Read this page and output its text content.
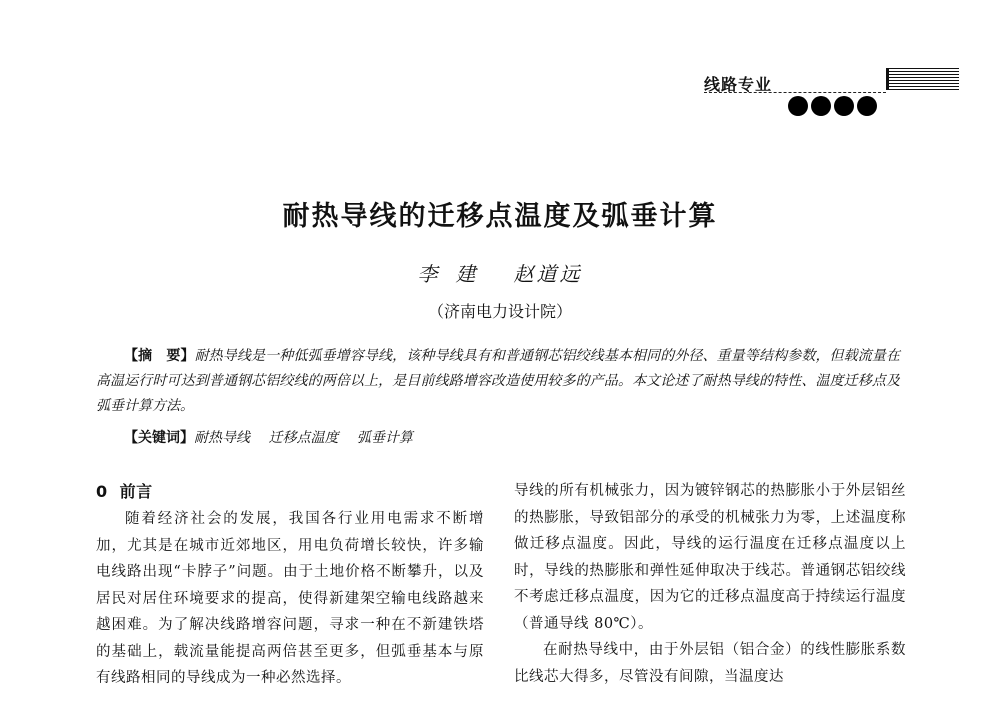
线路专业
耐热导线的迁移点温度及弧垂计算
李建 赵道远
（济南电力设计院）

【摘　要】耐热导线是一种低弧垂增容导线，该种导线具有和普通钢芯铝绞线基本相同的外径、重量等结构参数，但载流量在高温运行时可达到普通钢芯铝绞线的两倍以上，是目前线路增容改造使用较多的产品。本文论述了耐热导线的特性、温度迁移点及弧垂计算方法。

【关键词】耐热导线 迁移点温度 弧垂计算
0 前言

随着经济社会的发展，我国各行业用电需求不断增加，尤其是在城市近郊地区，用电负荷增长较快，许多输电线路出现“卡脖子”问题。由于土地价格不断攀升，以及居民对居住环境要求的提高，使得新建架空输电线路越来越困难。为了解决线路增容问题，寻求一种在不新建铁塔的基础上，载流量能提高两倍甚至更多，但弧垂基本与原有线路相同的导线成为一种必然选择。

导线的所有机械张力，因为镀锌钢芯的热膨胀小于外层铝丝的热膨胀，导致铝部分的承受的机械张力为零，上述温度称做迁移点温度。因此，导线的运行温度在迁移点温度以上时，导线的热膨胀和弹性延伸取决于线芯。普通钢芯铝绞线不考虑迁移点温度，因为它的迁移点温度高于持续运行温度（普通导线 80℃）。

在耐热导线中，由于外层铝（铝合金）的线性膨胀系数比线芯大得多，尽管没有间隙，当温度达
